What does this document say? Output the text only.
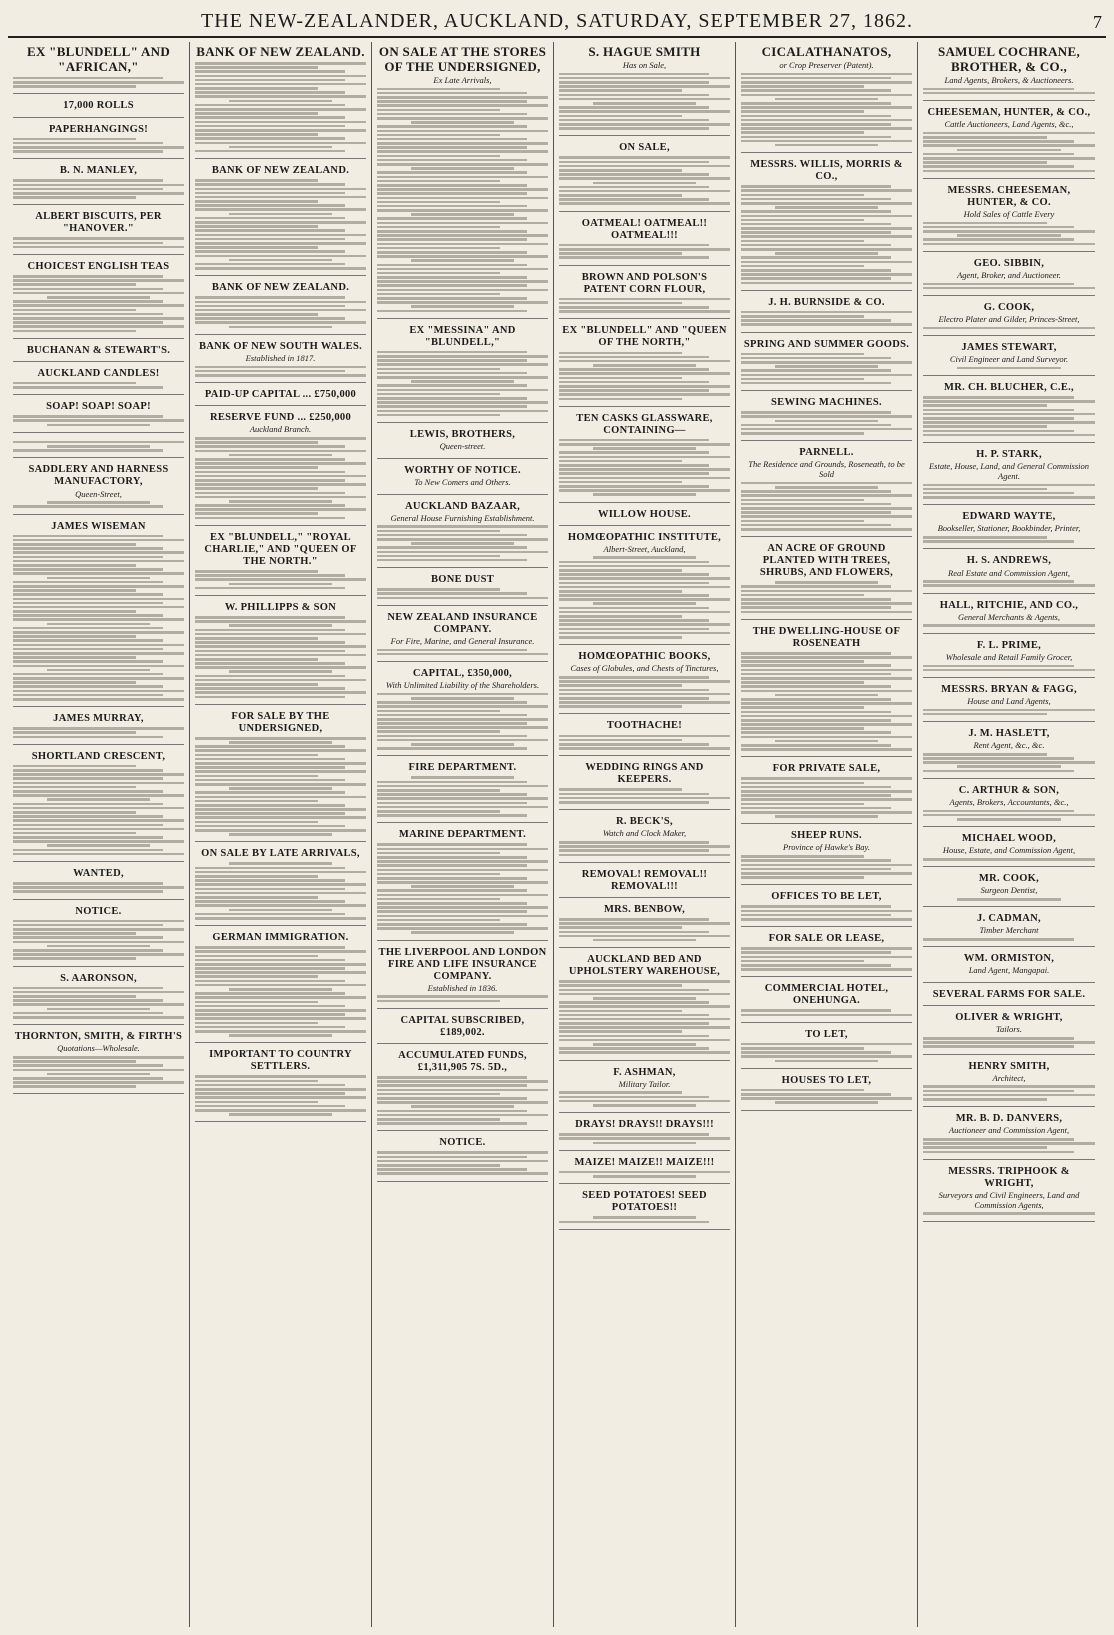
THE NEW-ZEALANDER, AUCKLAND, SATURDAY, SEPTEMBER 27, 1862.	7
EX "BLUNDELL" AND "AFRICAN,"
17,000 ROLLS
PAPERHANGINGS!
B. N. MANLEY,
ALBERT BISCUITS, PER "HANOVER."
CHOICEST ENGLISH TEAS
BUCHANAN & STEWART'S.
AUCKLAND CANDLES!
SOAP! SOAP! SOAP!
SADDLERY AND HARNESS MANUFACTORY,
Queen-Street,
JAMES WISEMAN
JAMES MURRAY,
SHORTLAND CRESCENT,
WANTED,
NOTICE.
S. AARONSON,
THORNTON, SMITH, & FIRTH'S
Quotations—Wholesale.
BANK OF NEW ZEALAND.
BANK OF NEW ZEALAND.
BANK OF NEW ZEALAND.
BANK OF NEW SOUTH WALES.
Established in 1817.
PAID-UP CAPITAL ... £750,000
RESERVE FUND ... £250,000
Auckland Branch.
EX "BLUNDELL," "ROYAL CHARLIE," AND "QUEEN OF THE NORTH."
W. PHILLIPPS & SON
FOR SALE BY THE UNDERSIGNED,
ON SALE BY LATE ARRIVALS,
GERMAN IMMIGRATION.
IMPORTANT TO COUNTRY SETTLERS.
ON SALE AT THE STORES OF THE UNDERSIGNED,
Ex Late Arrivals,
EX "MESSINA" AND "BLUNDELL,"
LEWIS, BROTHERS,
Queen-street.
WORTHY OF NOTICE.
To New Comers and Others.
AUCKLAND BAZAAR,
General House Furnishing Establishment.
BONE DUST
NEW ZEALAND INSURANCE COMPANY.
For Fire, Marine, and General Insurance.
CAPITAL, £350,000,
With Unlimited Liability of the Shareholders.
FIRE DEPARTMENT.
MARINE DEPARTMENT.
THE LIVERPOOL AND LONDON FIRE AND LIFE INSURANCE COMPANY.
Established in 1836.
CAPITAL SUBSCRIBED, £189,002.
ACCUMULATED FUNDS, £1,311,905 7S. 5D.,
NOTICE.
S. HAGUE SMITH
Has on Sale,
ON SALE,
OATMEAL! OATMEAL!! OATMEAL!!!
BROWN AND POLSON'S PATENT CORN FLOUR,
EX "BLUNDELL" AND "QUEEN OF THE NORTH,"
TEN CASKS GLASSWARE, CONTAINING—
WILLOW HOUSE.
HOMŒOPATHIC INSTITUTE,
Albert-Street, Auckland,
HOMŒOPATHIC BOOKS,
Cases of Globules, and Chests of Tinctures,
TOOTHACHE!
WEDDING RINGS AND KEEPERS.
R. BECK'S,
Watch and Clock Maker,
REMOVAL! REMOVAL!! REMOVAL!!!
MRS. BENBOW,
AUCKLAND BED AND UPHOLSTERY WAREHOUSE,
F. ASHMAN,
Military Tailor.
DRAYS! DRAYS!! DRAYS!!!
MAIZE! MAIZE!! MAIZE!!!
SEED POTATOES! SEED POTATOES!!
CICALATHANATOS,
or Crop Preserver (Patent).
MESSRS. WILLIS, MORRIS & CO.,
J. H. BURNSIDE & CO.
SPRING AND SUMMER GOODS.
SEWING MACHINES.
PARNELL.
The Residence and Grounds, Roseneath, to be Sold
AN ACRE OF GROUND PLANTED WITH TREES, SHRUBS, AND FLOWERS,
THE DWELLING-HOUSE OF ROSENEATH
FOR PRIVATE SALE,
SHEEP RUNS.
Province of Hawke's Bay.
OFFICES TO BE LET,
FOR SALE OR LEASE,
COMMERCIAL HOTEL, ONEHUNGA.
TO LET,
HOUSES TO LET,
SAMUEL COCHRANE, BROTHER, & CO.,
Land Agents, Brokers, & Auctioneers.
CHEESEMAN, HUNTER, & CO.,
Cattle Auctioneers, Land Agents, &c.,
MESSRS. CHEESEMAN, HUNTER, & CO.
Hold Sales of Cattle Every
GEO. SIBBIN,
Agent, Broker, and Auctioneer.
G. COOK,
Electro Plater and Gilder, Princes-Street,
JAMES STEWART,
Civil Engineer and Land Surveyor.
MR. CH. BLUCHER, C.E.,
H. P. STARK,
Estate, House, Land, and General Commission Agent.
EDWARD WAYTE,
Bookseller, Stationer, Bookbinder, Printer,
H. S. ANDREWS,
Real Estate and Commission Agent,
HALL, RITCHIE, AND CO.,
General Merchants & Agents,
F. L. PRIME,
Wholesale and Retail Family Grocer,
MESSRS. BRYAN & FAGG,
House and Land Agents,
J. M. HASLETT,
Rent Agent, &c., &c.
C. ARTHUR & SON,
Agents, Brokers, Accountants, &c.,
MICHAEL WOOD,
House, Estate, and Commission Agent,
MR. COOK,
Surgeon Dentist,
J. CADMAN,
Timber Merchant
WM. ORMISTON,
Land Agent, Mangapai.
SEVERAL FARMS FOR SALE.
OLIVER & WRIGHT,
Tailors.
HENRY SMITH,
Architect,
MR. B. D. DANVERS,
Auctioneer and Commission Agent,
MESSRS. TRIPHOOK & WRIGHT,
Surveyors and Civil Engineers, Land and Commission Agents,
